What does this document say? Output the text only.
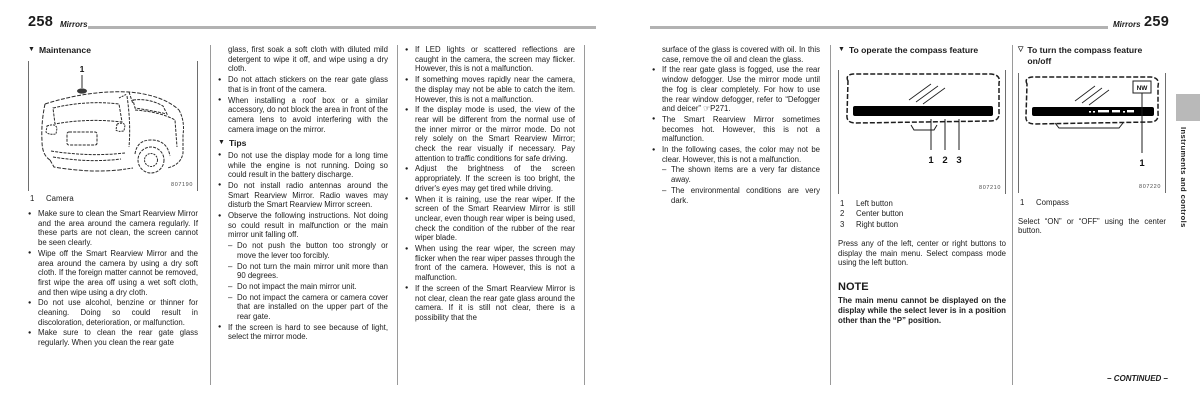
258 Mirrors	Mirrors 259
▼ Maintenance
1
807190
1	Camera
● Make sure to clean the Smart Rearview Mirror and the area around the camera regularly. If these parts are not clean, the screen cannot be seen clearly.
● Wipe off the Smart Rearview Mirror and the area around the camera by using a dry soft cloth. If the foreign matter cannot be removed, first wipe the area off using a wet soft cloth, and then wipe using a dry cloth.
● Do not use alcohol, benzine or thinner for cleaning. Doing so could result in discoloration, deterioration, or malfunction.
● Make sure to clean the rear gate glass regularly. When you clean the rear gate
glass, first soak a soft cloth with diluted mild detergent to wipe it off, and wipe using a dry cloth.
● Do not attach stickers on the rear gate glass that is in front of the camera.
● When installing a roof box or a similar accessory, do not block the area in front of the camera lens to avoid interfering with the camera image on the mirror.
▼ Tips
● Do not use the display mode for a long time while the engine is not running. Doing so could result in the battery discharge.
● Do not install radio antennas around the Smart Rearview Mirror. Radio waves may disturb the Smart Rearview Mirror screen.
● Observe the following instructions. Not doing so could result in malfunction or the main mirror unit falling off.
– Do not push the button too strongly or move the lever too forcibly.
– Do not turn the main mirror unit more than 90 degrees.
– Do not impact the main mirror unit.
– Do not impact the camera or camera cover that are installed on the upper part of the rear gate.
● If the screen is hard to see because of light, select the mirror mode.
● If LED lights or scattered reflections are caught in the camera, the screen may flicker. However, this is not a malfunction.
● If something moves rapidly near the camera, the display may not be able to catch the item. However, this is not a malfunction.
● If the display mode is used, the view of the rear will be different from the normal use of the inner mirror or the mirror mode. Do not rely solely on the Smart Rearview Mirror; check the rear visually if necessary. Pay attention to traffic conditions for safe driving.
● Adjust the brightness of the screen appropriately. If the screen is too bright, the driver's eyes may get tired while driving.
● When it is raining, use the rear wiper. If the screen of the Smart Rearview Mirror is still unclear, even though rear wiper is being used, check the condition of the rubber of the rear wiper blade.
● When using the rear wiper, the screen may flicker when the rear wiper passes through the front of the camera. However, this is not a malfunction.
● If the screen of the Smart Rearview Mirror is not clear, clean the rear gate glass around the camera. If it is still not clear, there is a possibility that the
surface of the glass is covered with oil. In this case, remove the oil and clean the glass.
● If the rear gate glass is fogged, use the rear window defogger. Use the mirror mode until the fog is clear completely. For how to use the rear window defogger, refer to “Defogger and deicer” ☞P271.
● The Smart Rearview Mirror sometimes becomes hot. However, this is not a malfunction.
● In the following cases, the color may not be clear. However, this is not a malfunction.
– The shown items are a very far distance away.
– The environmental conditions are very dark.
▼ To operate the compass feature
1 2 3
807210
1	Left button
2	Center button
3	Right button
Press any of the left, center or right buttons to display the main menu. Select compass mode using the left button.
NOTE
The main menu cannot be displayed on the display while the select lever is in a position other than the “P” position.
▽ To turn the compass feature on/off
NW
1
807220
1	Compass
Select “ON” or “OFF” using the center button.
Instruments and controls
– CONTINUED –
